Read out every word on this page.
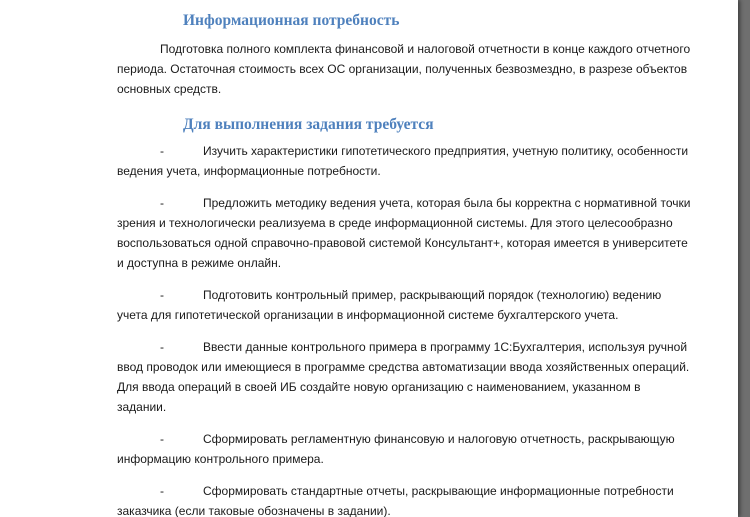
Информационная потребность

Подготовка полного комплекта финансовой и налоговой отчетности в конце каждого отчетного периода. Остаточная стоимость всех ОС организации, полученных безвозмездно, в разрезе объектов основных средств.

Для выполнения задания требуется

-	Изучить характеристики гипотетического предприятия, учетную политику, особенности ведения учета, информационные потребности.

-	Предложить методику ведения учета, которая была бы корректна с нормативной точки зрения и технологически реализуема в среде информационной системы. Для этого целесообразно воспользоваться одной справочно-правовой системой Консультант+, которая имеется в университете и доступна в режиме онлайн.

-	Подготовить контрольный пример, раскрывающий порядок (технологию) ведению учета для гипотетической организации в информационной системе бухгалтерского учета.

-	Ввести данные контрольного примера в программу 1С:Бухгалтерия, используя ручной ввод проводок или имеющиеся в программе средства автоматизации ввода хозяйственных операций. Для ввода операций в своей ИБ создайте новую организацию с наименованием, указанном в задании.

-	Сформировать регламентную финансовую и налоговую отчетность, раскрывающую информацию контрольного примера.

-	Сформировать стандартные отчеты, раскрывающие информационные потребности заказчика (если таковые обозначены в задании).
